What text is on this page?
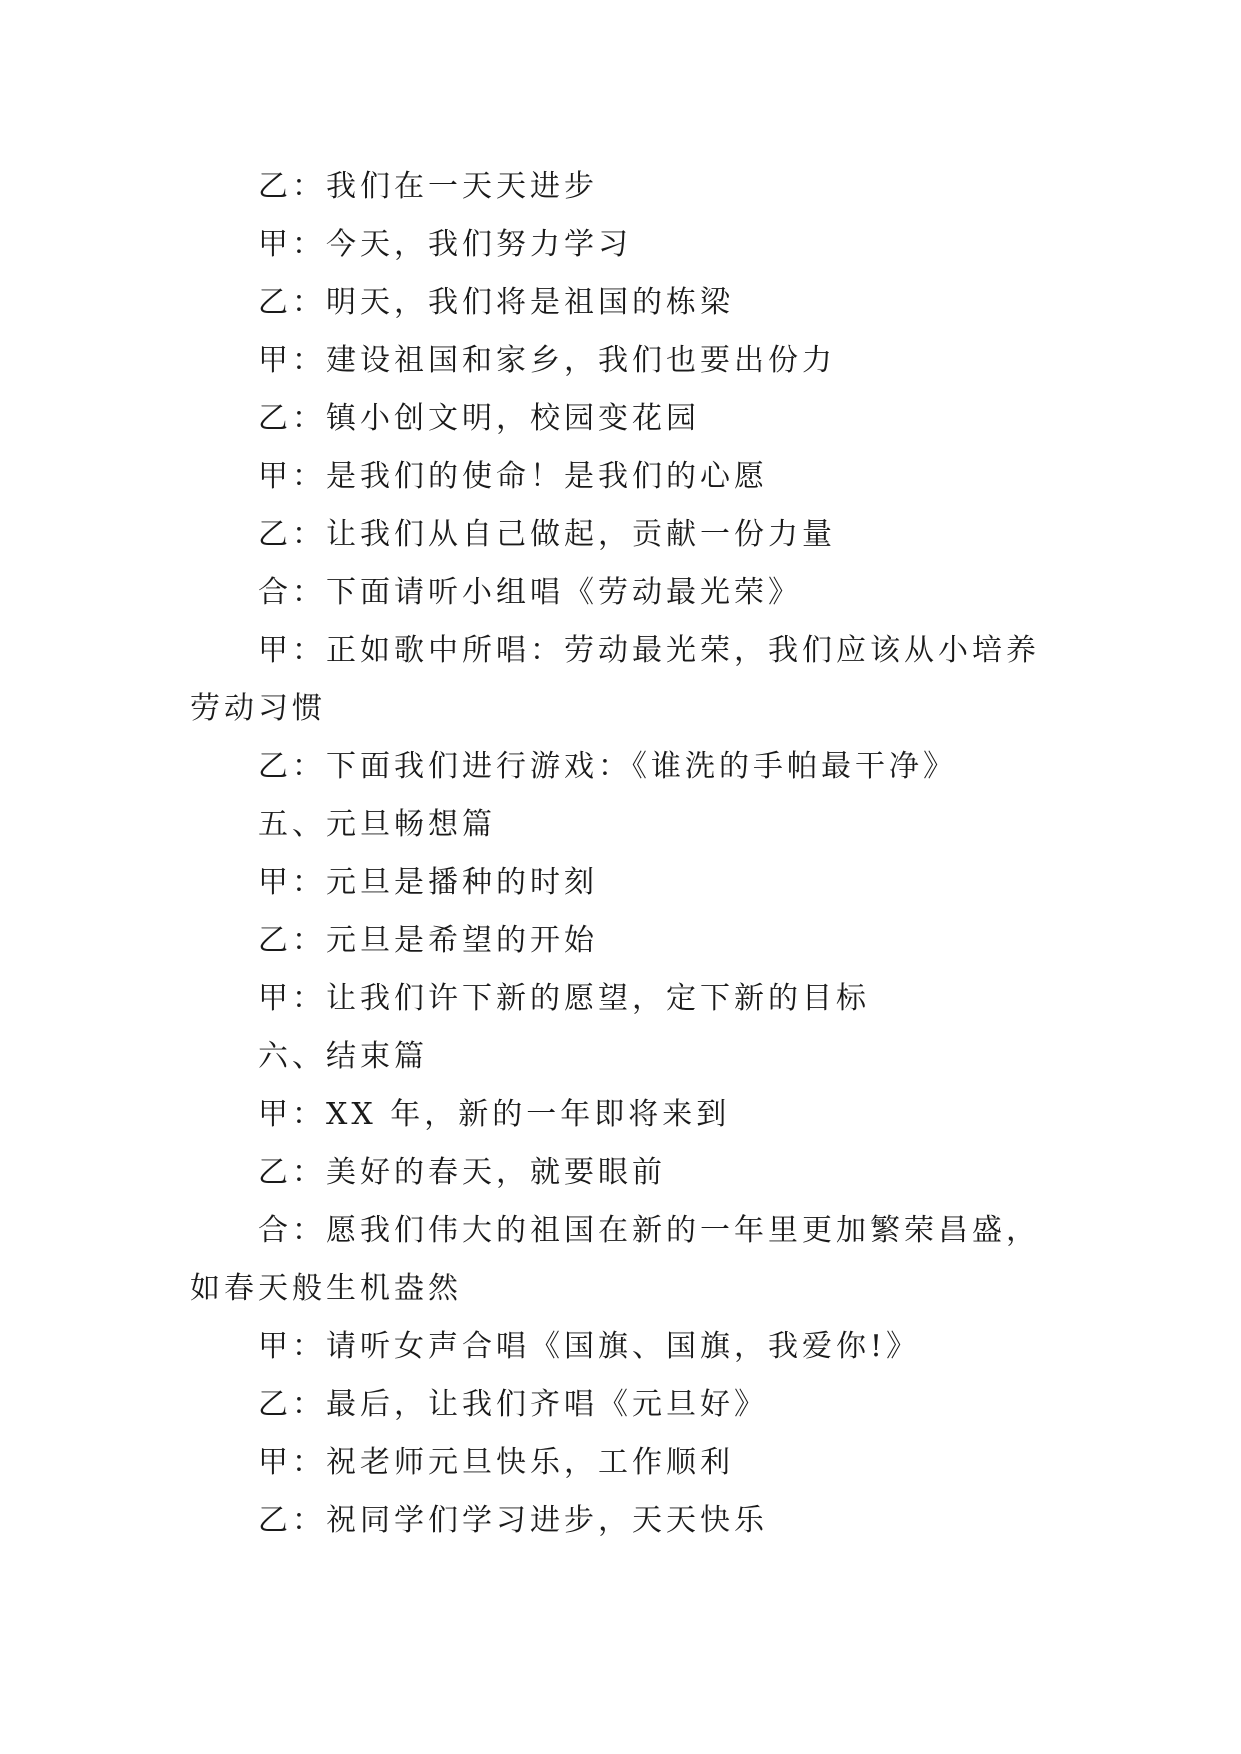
乙：我们在一天天进步

甲：今天，我们努力学习

乙：明天，我们将是祖国的栋梁

甲：建设祖国和家乡，我们也要出份力

乙：镇小创文明，校园变花园

甲：是我们的使命！是我们的心愿

乙：让我们从自己做起，贡献一份力量

合：下面请听小组唱《劳动最光荣》

甲：正如歌中所唱：劳动最光荣，我们应该从小培养劳动习惯

乙：下面我们进行游戏：《谁洗的手帕最干净》

五、元旦畅想篇

甲：元旦是播种的时刻

乙：元旦是希望的开始

甲：让我们许下新的愿望，定下新的目标

六、结束篇

甲：XX 年，新的一年即将来到

乙：美好的春天，就要眼前

合：愿我们伟大的祖国在新的一年里更加繁荣昌盛，如春天般生机盎然

甲：请听女声合唱《国旗、国旗，我爱你!》

乙：最后，让我们齐唱《元旦好》

甲：祝老师元旦快乐，工作顺利

乙：祝同学们学习进步，天天快乐
